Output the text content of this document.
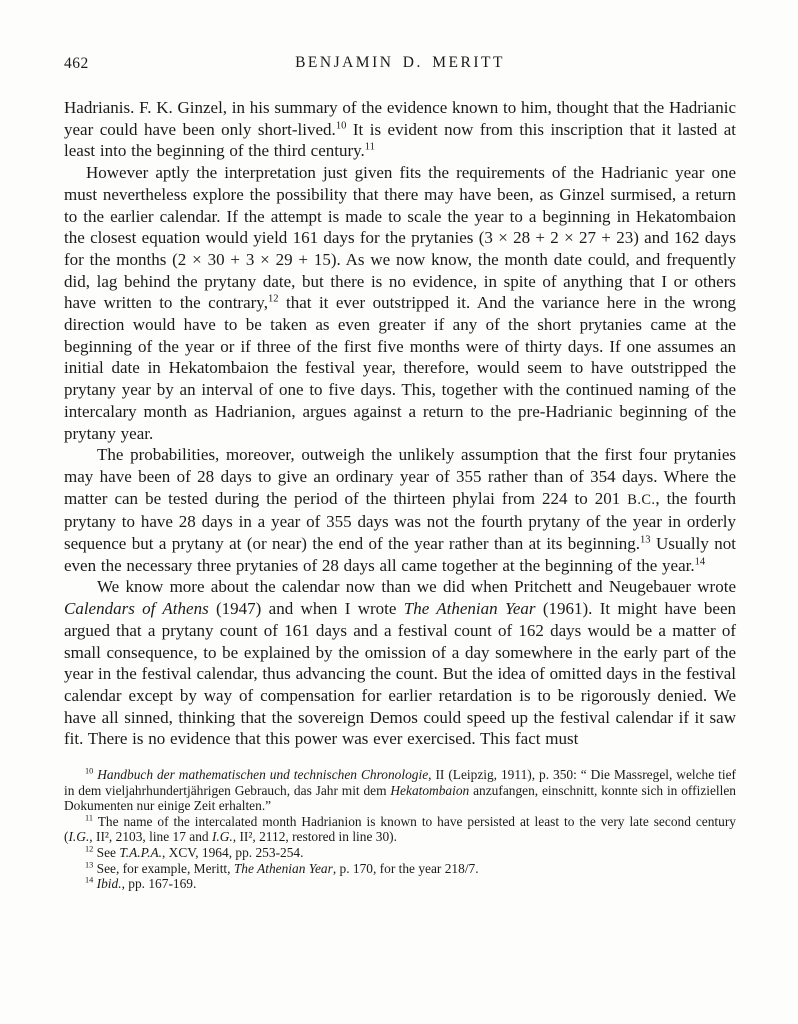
462	BENJAMIN D. MERITT

Hadrianis. F. K. Ginzel, in his summary of the evidence known to him, thought that the Hadrianic year could have been only short-lived.$^{10}$ It is evident now from this inscription that it lasted at least into the beginning of the third century.$^{11}$

However aptly the interpretation just given fits the requirements of the Hadrianic year one must nevertheless explore the possibility that there may have been, as Ginzel surmised, a return to the earlier calendar. If the attempt is made to scale the year to a beginning in Hekatombaion the closest equation would yield 161 days for the prytanies (3 × 28 + 2 × 27 + 23) and 162 days for the months (2 × 30 + 3 × 29 + 15). As we now know, the month date could, and frequently did, lag behind the prytany date, but there is no evidence, in spite of anything that I or others have written to the contrary,$^{12}$ that it ever outstripped it. And the variance here in the wrong direction would have to be taken as even greater if any of the short prytanies came at the beginning of the year or if three of the first five months were of thirty days. If one assumes an initial date in Hekatombaion the festival year, therefore, would seem to have outstripped the prytany year by an interval of one to five days. This, together with the continued naming of the intercalary month as Hadrianion, argues against a return to the pre-Hadrianic beginning of the prytany year.

The probabilities, moreover, outweigh the unlikely assumption that the first four prytanies may have been of 28 days to give an ordinary year of 355 rather than of 354 days. Where the matter can be tested during the period of the thirteen phylai from 224 to 201 B.C., the fourth prytany to have 28 days in a year of 355 days was not the fourth prytany of the year in orderly sequence but a prytany at (or near) the end of the year rather than at its beginning.$^{13}$ Usually not even the necessary three prytanies of 28 days all came together at the beginning of the year.$^{14}$

We know more about the calendar now than we did when Pritchett and Neugebauer wrote Calendars of Athens (1947) and when I wrote The Athenian Year (1961). It might have been argued that a prytany count of 161 days and a festival count of 162 days would be a matter of small consequence, to be explained by the omission of a day somewhere in the early part of the year in the festival calendar, thus advancing the count. But the idea of omitted days in the festival calendar except by way of compensation for earlier retardation is to be rigorously denied. We have all sinned, thinking that the sovereign Demos could speed up the festival calendar if it saw fit. There is no evidence that this power was ever exercised. This fact must

$^{10}$ Handbuch der mathematischen und technischen Chronologie, II (Leipzig, 1911), p. 350: “ Die Massregel, welche tief in dem vieljahrhundertjährigen Gebrauch, das Jahr mit dem Hekatombaion anzufangen, einschnitt, konnte sich in offiziellen Dokumenten nur einige Zeit erhalten.”

$^{11}$ The name of the intercalated month Hadrianion is known to have persisted at least to the very late second century (I.G., II², 2103, line 17 and I.G., II², 2112, restored in line 30).

$^{12}$ See T.A.P.A., XCV, 1964, pp. 253-254.

$^{13}$ See, for example, Meritt, The Athenian Year, p. 170, for the year 218/7.

$^{14}$ Ibid., pp. 167-169.
